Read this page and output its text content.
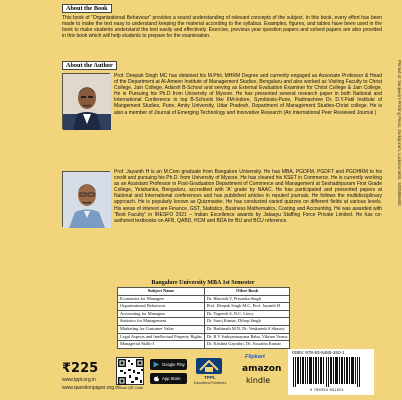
About the Book
This book of “Organisational Behaviour” provides a sound understanding of relevant concepts of the subject. In this book, every effort has been made to make the text easy to understand keeping the material according to the syllabus. Examples, figures, and tables have been used in the book to make students understand the text easily and effectively. Exercise, previous year question papers and solved papers are also provided in this book which will help students to prepare for the examination.
About the Author
Prof. Deepak Singh MC has obtained his M.Phil, MHRM Degree and currently engaged as Associate Professor & Head of the Department at Al-Ameen Institute of Management Studies, Bengaluru and also worked as Visiting Faculty to Christ College, Jain College, Adarsh B-School and serving as External Evaluation Examiner for Christ College & Jain College. He is Pursuing his Ph.D from University of Mysore. He has presented several research paper in both National and International Conference in top B-Schools like IIM-Indore, Symbiosis-Pune, Padmashree Dr. D.Y.Patil Institute of Mangement Studies, Pune, Amity University, Uttar Pradesh, Department of Management Studies-Christ college. He is also a member of Journal of Emerging Technology and Innovative Research (An International Peer Reviewed Journal )
Prof. Jayanth H is an M.Com graduate from Bangalore University. He has MBA, PGDFM, PGDFT and PGDHRM to his credit and pursuing his Ph.D. from University of Mysore. He has cleared his KSET in Commerce. He is currently working as an Assistant Professor in Post-Graduation Department of Commerce and Management at Seshadripuram First Grade College, Yelahanka, Bengaluru, accredited with 'A' grade by NAAC. He has participated and presented papers at National and International conferences and has published articles in reputed journals. He follows the multidisciplinary approach. He is popularly known as Quizmaster. He has conducted varied quizzes on different fields at various levels. His areas of interest are Finance, GST, Statistics, Business Mathematics, Costing and Accounting. He was awarded with “Best Faculty” in IRESFO 2021 – Indian Excellence awards by Jataayu Staffing Force Private Limited. He has co-authored textbooks on AFB, QABD, HCM and BDA for BU and BCU reference.
Bangalore University MBA 1st Semester
Subject Name	Other Book
Economics for Managers	Dr. Bhavath.V, Priyanka Singh
Organisational Behaviour	Prof. Deepak Singh M.C, Prof. Jayanth H
Accounting for Managers	Dr. Yogeesh S, N.C. Lincy
Statistics for Management	Dr. Saroj Kumar, Dilsep Singh
Marketing for Customer Value	Dr. Badrinath M.N, Dr. Venkatesh S Shastry
Legal Aspects and Intellectual Property Rights	Dr. B V Sathyanarayana Babu, Vikram Verma
Managerial Skills-I	Dr. Krishna Gayathri, Dr. Aswatha Kumar
₹225
www.tppl.org.in
www.questionpaper.org.in Scan QR Code
Google Play
App Store	TPPL
Educational Publishers
Flipkart
amazon
kindle
ISBN: 978-93-5480-150-1
9 789354 801501
Printed at: Sanjeevini Printing Press, Jankipuram, Lucknow Mob.: 9335999460
